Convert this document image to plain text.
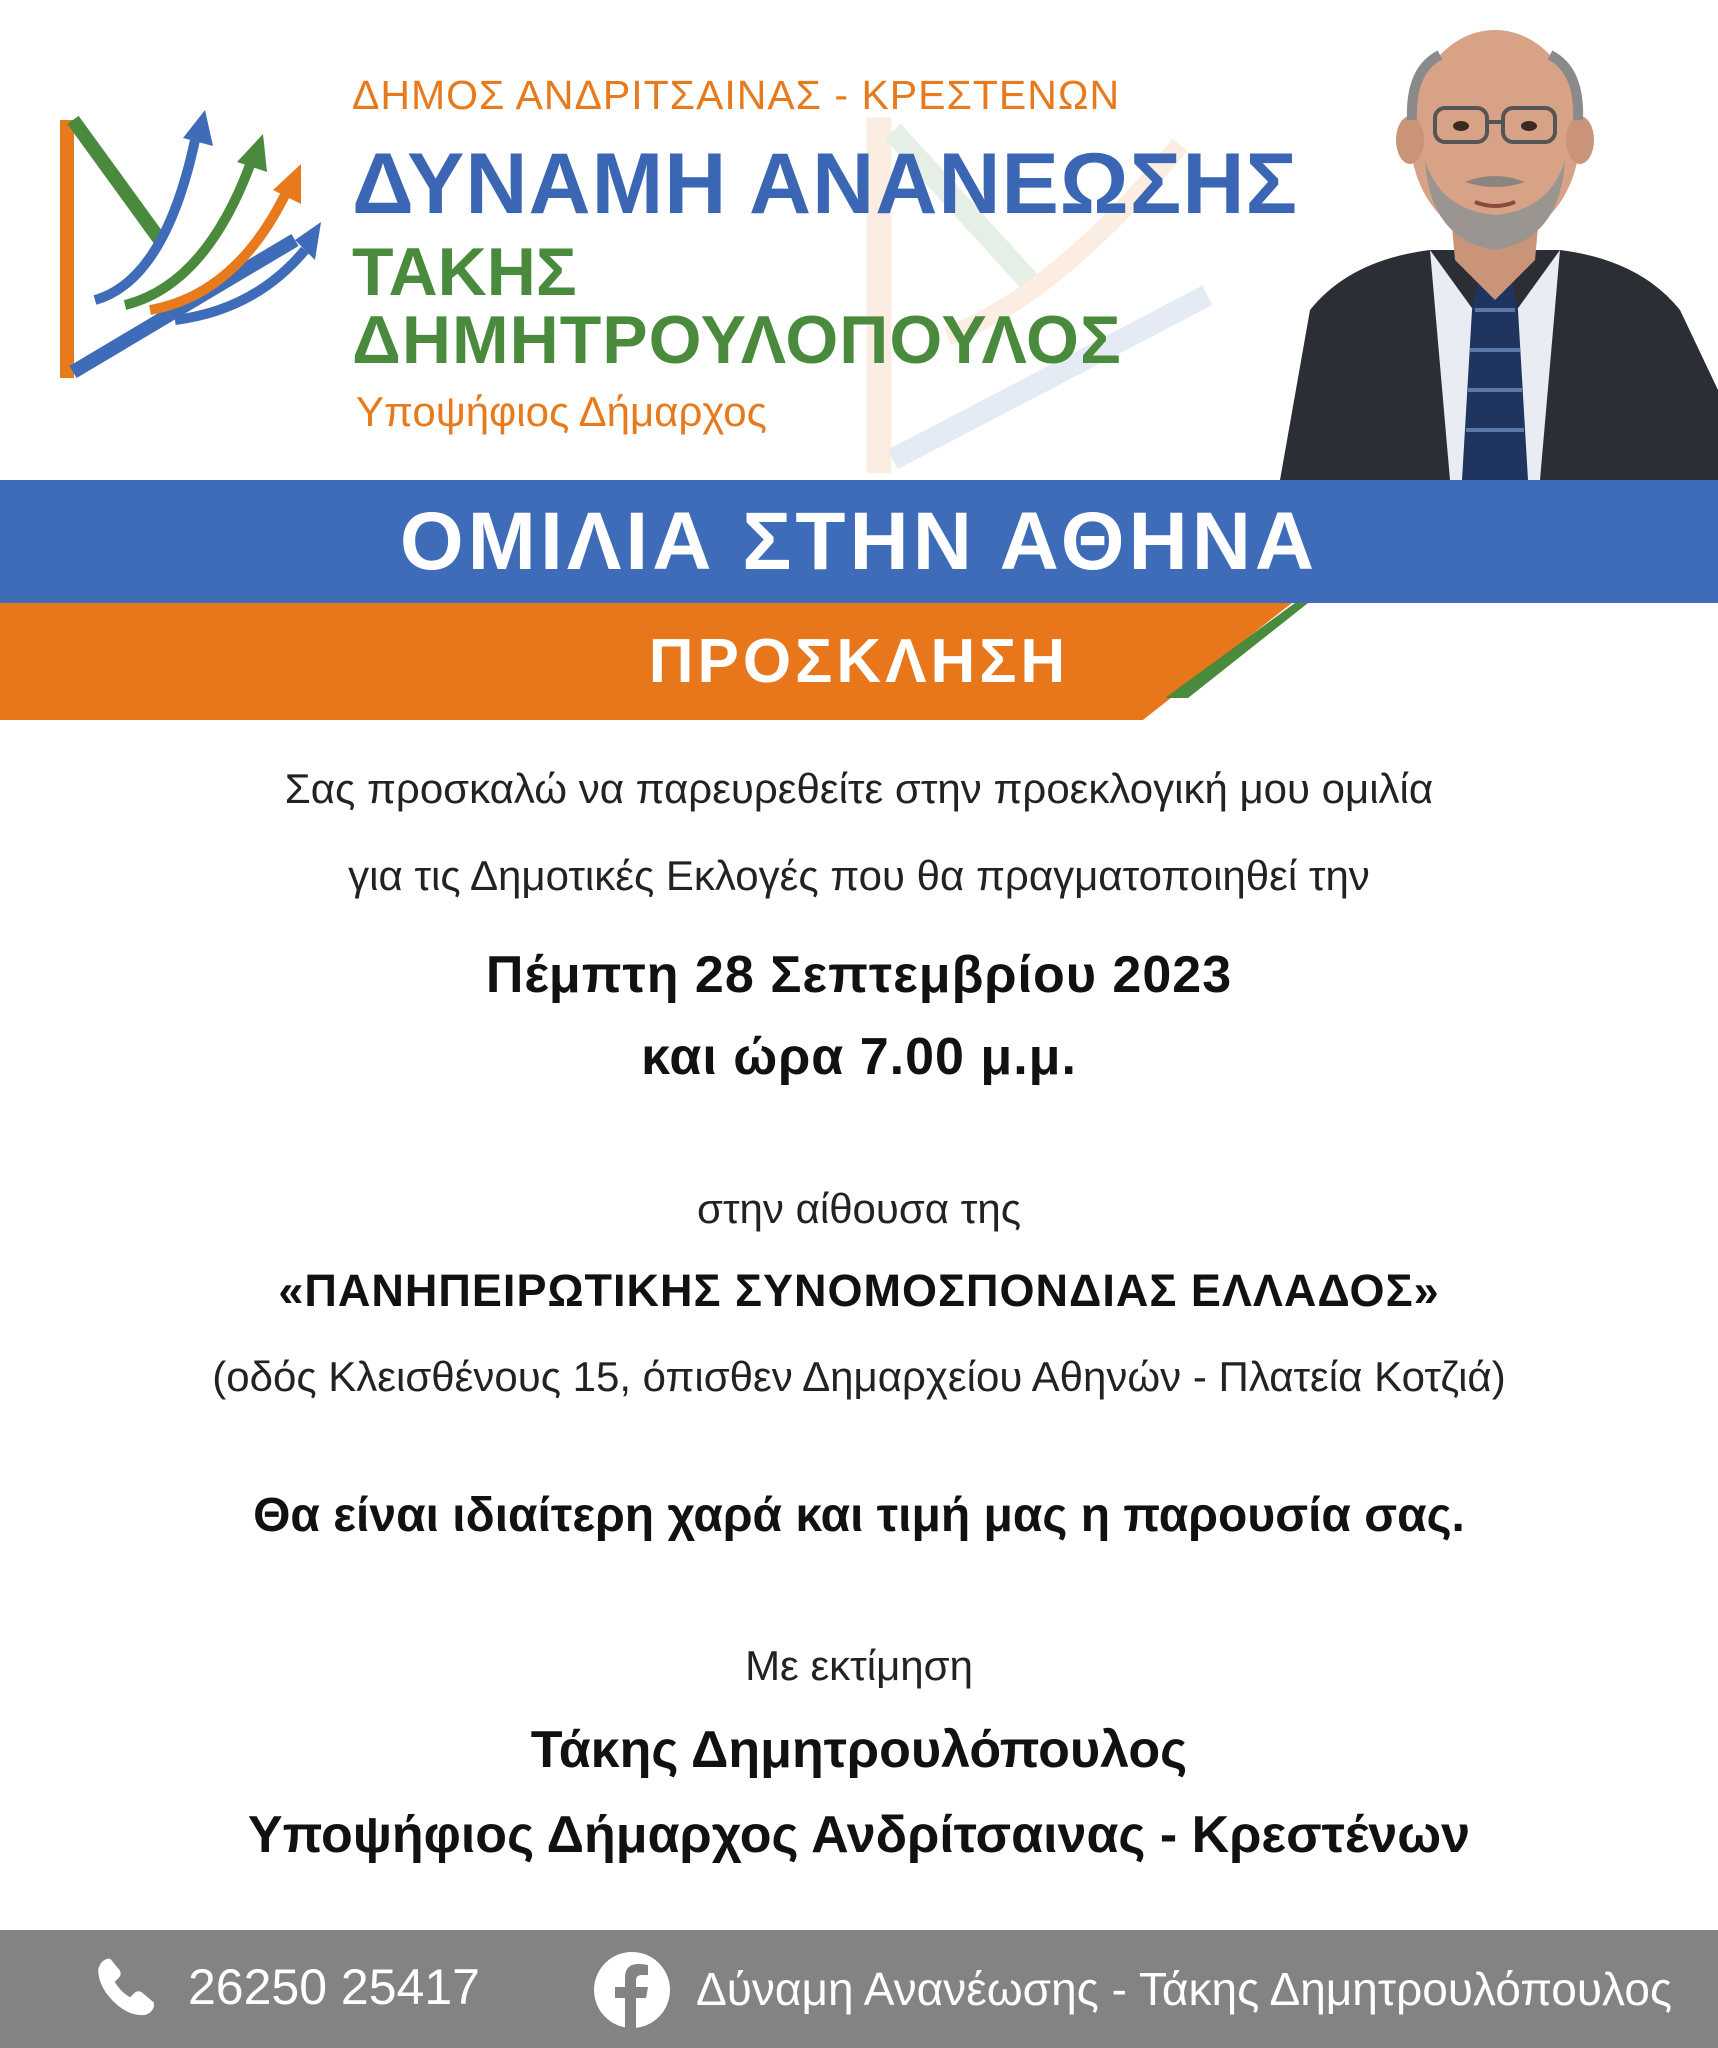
ΔΗΜΟΣ ΑΝΔΡΙΤΣΑΙΝΑΣ - ΚΡΕΣΤΕΝΩΝ
ΔΥΝΑΜΗ ΑΝΑΝΕΩΣΗΣ
ΤΑΚΗΣ
ΔΗΜΗΤΡΟΥΛΟΠΟΥΛΟΣ
Υποψήφιος Δήμαρχος
ΟΜΙΛΙΑ ΣΤΗΝ ΑΘΗΝΑ
ΠΡΟΣΚΛΗΣΗ
Σας προσκαλώ να παρευρεθείτε στην προεκλογική μου ομιλία
για τις Δημοτικές Εκλογές που θα πραγματοποιηθεί την
Πέμπτη 28 Σεπτεμβρίου 2023
και ώρα 7.00 μ.μ.
στην αίθουσα της
«ΠΑΝΗΠΕΙΡΩΤΙΚΗΣ ΣΥΝΟΜΟΣΠΟΝΔΙΑΣ ΕΛΛΑΔΟΣ»
(οδός Κλεισθένους 15, όπισθεν Δημαρχείου Αθηνών - Πλατεία Κοτζιά)
Θα είναι ιδιαίτερη χαρά και τιμή μας η παρουσία σας.
Με εκτίμηση
Τάκης Δημητρουλόπουλος
Υποψήφιος Δήμαρχος Ανδρίτσαινας - Κρεστένων
26250 25417	Δύναμη Ανανέωσης - Τάκης Δημητρουλόπουλος
